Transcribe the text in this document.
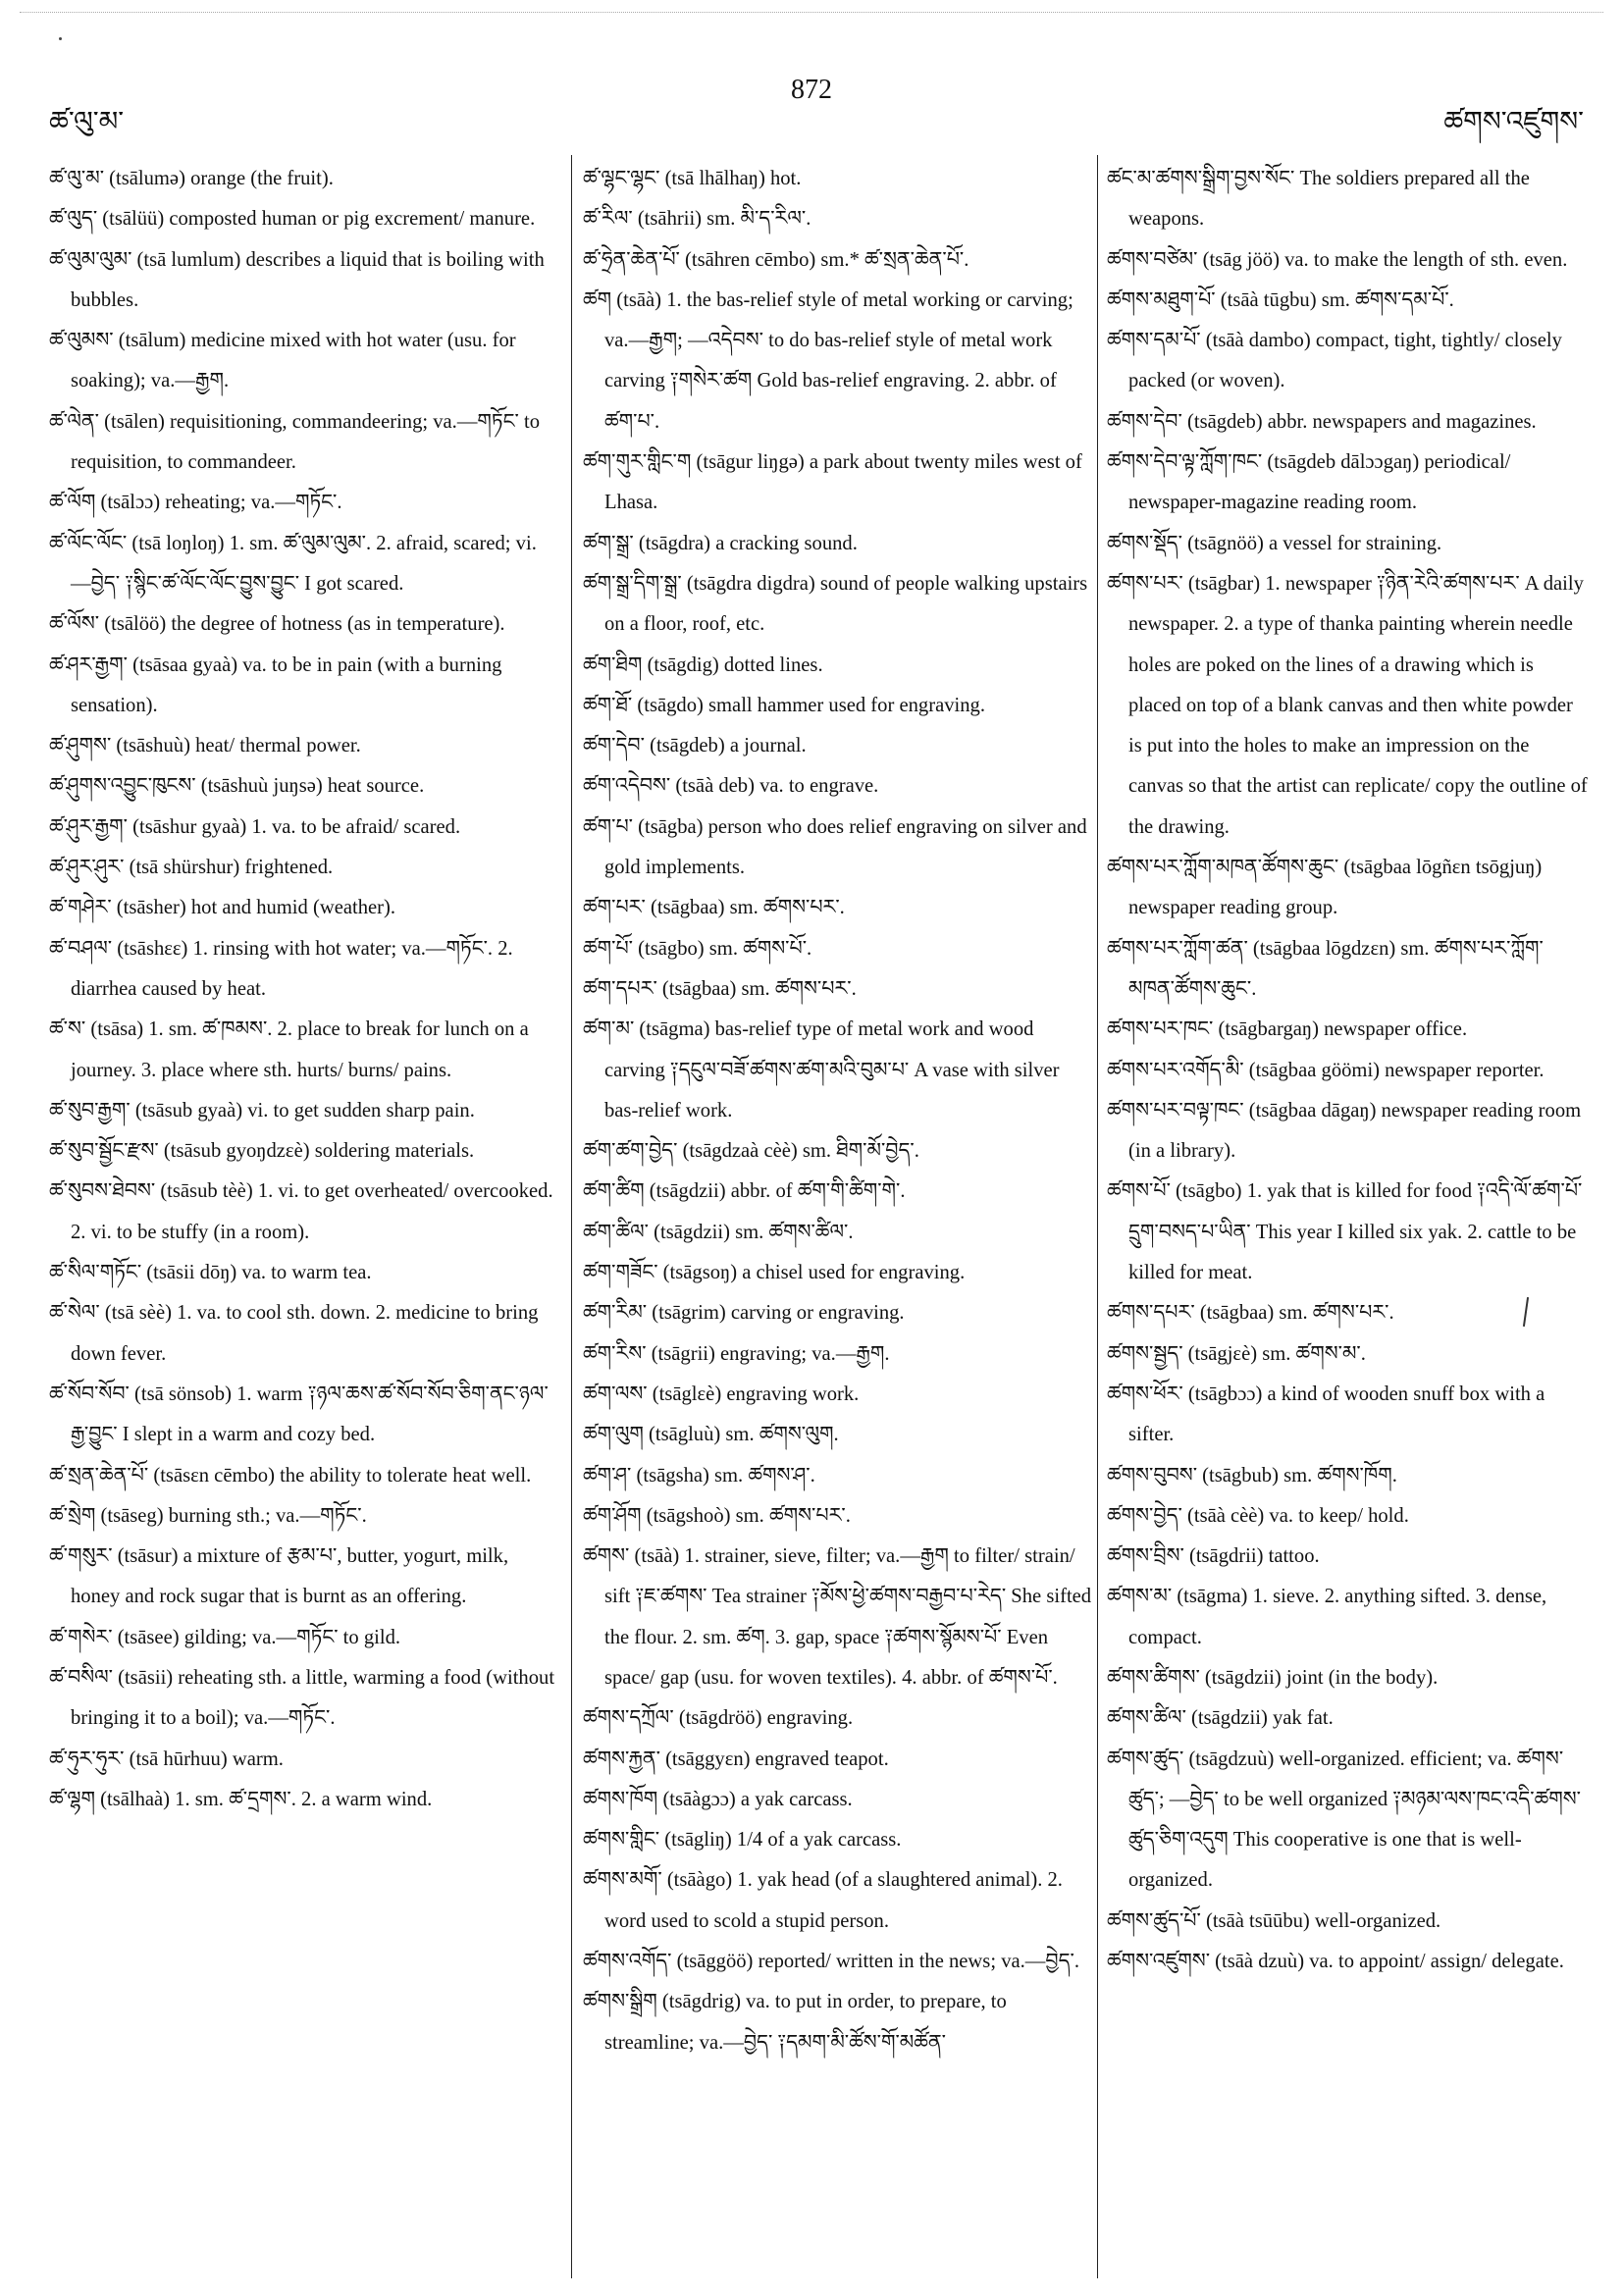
ཚ་ལུ་མ་
872
ཚགས་འཛུགས་

ཚ་ལུ་མ་ (tsālumə) orange (the fruit).

ཚ་ལུད་ (tsālüü) composted human or pig excrement/ manure.

ཚ་ལུམ་ལུམ་ (tsā lumlum) describes a liquid that is boiling with bubbles.

ཚ་ལུམས་ (tsālum) medicine mixed with hot water (usu. for soaking); va.—རྒྱག.

ཚ་ལེན་ (tsālen) requisitioning, commandeering; va.—གཏོང་ to requisition, to commandeer.

ཚ་ལོག (tsālɔɔ) reheating; va.—གཏོང་.

ཚ་ལོང་ལོང་ (tsā loŋloŋ) 1. sm. ཚ་ལུམ་ལུམ་. 2. afraid, scared; vi.—བྱེད་ ༑སྙིང་ཚ་ལོང་ལོང་བྱུས་བྱུང་ I got scared.

ཚ་ལོས་ (tsālöö) the degree of hotness (as in temperature).

ཚ་ཤར་རྒྱག་ (tsāsaa gyaà) va. to be in pain (with a burning sensation).

ཚ་ཤུགས་ (tsāshuù) heat/ thermal power.

ཚ་ཤུགས་འབྱུང་ཁུངས་ (tsāshuù juŋsə) heat source.

ཚ་ཤུར་རྒྱག་ (tsāshur gyaà) 1. va. to be afraid/ scared.

ཚ་ཤུར་ཤུར་ (tsā shürshur) frightened.

ཚ་གཤེར་ (tsāsher) hot and humid (weather).

ཚ་བཤལ་ (tsāshɛɛ) 1. rinsing with hot water; va.—གཏོང་. 2. diarrhea caused by heat.

ཚ་ས་ (tsāsa) 1. sm. ཚ་ཁམས་. 2. place to break for lunch on a journey. 3. place where sth. hurts/ burns/ pains.

ཚ་སུབ་རྒྱག་ (tsāsub gyaà) vi. to get sudden sharp pain.

ཚ་སུབ་སྦྱོང་རྫས་ (tsāsub gyoŋdzɛè) soldering materials.

ཚ་སུབས་ཐེབས་ (tsāsub tèè) 1. vi. to get overheated/ overcooked. 2. vi. to be stuffy (in a room).

ཚ་སིལ་གཏོང་ (tsāsii dōŋ) va. to warm tea.

ཚ་སེལ་ (tsā sèè) 1. va. to cool sth. down. 2. medicine to bring down fever.

ཚ་སོབ་སོབ་ (tsā sönsob) 1. warm ༑ཉལ་ཆས་ཚ་སོབ་སོབ་ཅིག་ནང་ཉལ་རྒྱ་བྱུང་ I slept in a warm and cozy bed.

ཚ་སྲན་ཆེན་པོ་ (tsāsɛn cēmbo) the ability to tolerate heat well.

ཚ་སྲེག (tsāseg) burning sth.; va.—གཏོང་.

ཚ་གསུར་ (tsāsur) a mixture of རྩམ་པ་, butter, yogurt, milk, honey and rock sugar that is burnt as an offering.

ཚ་གསེར་ (tsāsee) gilding; va.—གཏོང་ to gild.

ཚ་བསིལ་ (tsāsii) reheating sth. a little, warming a food (without bringing it to a boil); va.—གཏོང་.

ཚ་ཧུར་ཧུར་ (tsā hūrhuu) warm.

ཚ་ལྷག (tsālhaà) 1. sm. ཚ་དྲགས་. 2. a warm wind.

ཚ་ལྷང་ལྷང་ (tsā lhālhaŋ) hot.

ཚ་རིལ་ (tsāhrii) sm. མི་ད་རིལ་.

ཚ་ཧྲེན་ཆེན་པོ་ (tsāhren cēmbo) sm.* ཚ་སྲན་ཆེན་པོ་.

ཚག (tsāà) 1. the bas-relief style of metal working or carving; va.—རྒྱག; —འདེབས་ to do bas-relief style of metal work carving ༑གསེར་ཚག Gold bas-relief engraving. 2. abbr. of ཚག་པ་.

ཚག་གུར་གླིང་ག (tsāgur liŋgə) a park about twenty miles west of Lhasa.

ཚག་སྒྲ་ (tsāgdra) a cracking sound.

ཚག་སྒྲ་དིག་སྒྲ་ (tsāgdra digdra) sound of people walking upstairs on a floor, roof, etc.

ཚག་ཐིག (tsāgdig) dotted lines.

ཚག་ཐོ་ (tsāgdo) small hammer used for engraving.

ཚག་དེབ་ (tsāgdeb) a journal.

ཚག་འདེབས་ (tsāà deb) va. to engrave.

ཚག་པ་ (tsāgba) person who does relief engraving on silver and gold implements.

ཚག་པར་ (tsāgbaa) sm. ཚགས་པར་.

ཚག་པོ་ (tsāgbo) sm. ཚགས་པོ་.

ཚག་དཔར་ (tsāgbaa) sm. ཚགས་པར་.

ཚག་མ་ (tsāgma) bas-relief type of metal work and wood carving ༑དངུལ་བཟོ་ཚགས་ཚག་མའི་བུམ་པ་ A vase with silver bas-relief work.

ཚག་ཚག་བྱེད་ (tsāgdzaà cèè) sm. ཐིག་མོ་བྱེད་.

ཚག་ཚིག (tsāgdzii) abbr. of ཚག་གི་ཚིག་གེ་.

ཚག་ཚིལ་ (tsāgdzii) sm. ཚགས་ཚིལ་.

ཚག་གཟོང་ (tsāgsoŋ) a chisel used for engraving.

ཚག་རིམ་ (tsāgrim) carving or engraving.

ཚག་རིས་ (tsāgrii) engraving; va.—རྒྱག.

ཚག་ལས་ (tsāglɛè) engraving work.

ཚག་ལུག (tsāgluù) sm. ཚགས་ལུག.

ཚག་ཤ་ (tsāgsha) sm. ཚགས་ཤ་.

ཚག་ཤོག (tsāgshoò) sm. ཚགས་པར་.

ཚགས་ (tsāà) 1. strainer, sieve, filter; va.—རྒྱག to filter/ strain/ sift ༑ཇ་ཚགས་ Tea strainer ༑མོས་ཕྱེ་ཚགས་བརྒྱབ་པ་རེད་ She sifted the flour. 2. sm. ཚག. 3. gap, space ༑ཚགས་སྙོམས་པོ་ Even space/ gap (usu. for woven textiles). 4. abbr. of ཚགས་པོ་.

ཚགས་དཀྲོལ་ (tsāgdröö) engraving.

ཚགས་རྐྱན་ (tsāggyɛn) engraved teapot.

ཚགས་ཁོག (tsāàgɔɔ) a yak carcass.

ཚགས་གླིང་ (tsāgliŋ) 1/4 of a yak carcass.

ཚགས་མགོ་ (tsāàgo) 1. yak head (of a slaughtered animal). 2. word used to scold a stupid person.

ཚགས་འགོད་ (tsāggöö) reported/ written in the news; va.—བྱེད་.

ཚགས་སྒྲིག (tsāgdrig) va. to put in order, to prepare, to streamline; va.—བྱེད་ ༑དམག་མི་ཚོས་གོ་མཚོན་

ཚང་མ་ཚགས་སྒྲིག་བྱས་སོང་ The soldiers prepared all the weapons.

ཚགས་བཙེམ་ (tsāg jöö) va. to make the length of sth. even.

ཚགས་མཐུག་པོ་ (tsāà tūgbu) sm. ཚགས་དམ་པོ་.

ཚགས་དམ་པོ་ (tsāà dambo) compact, tight, tightly/ closely packed (or woven).

ཚགས་དེབ་ (tsāgdeb) abbr. newspapers and magazines.

ཚགས་དེབ་ལྟ་ཀློག་ཁང་ (tsāgdeb dālɔɔgaŋ) periodical/ newspaper-magazine reading room.

ཚགས་སྡོད་ (tsāgnöö) a vessel for straining.

ཚགས་པར་ (tsāgbar) 1. newspaper ༑ཉིན་རེའི་ཚགས་པར་ A daily newspaper. 2. a type of thanka painting wherein needle holes are poked on the lines of a drawing which is placed on top of a blank canvas and then white powder is put into the holes to make an impression on the canvas so that the artist can replicate/ copy the outline of the drawing.

ཚགས་པར་ཀློག་མཁན་ཚོགས་ཆུང་ (tsāgbaa lōgñɛn tsōgjuŋ) newspaper reading group.

ཚགས་པར་ཀློག་ཚན་ (tsāgbaa lōgdzɛn) sm. ཚགས་པར་ཀློག་མཁན་ཚོགས་ཆུང་.

ཚགས་པར་ཁང་ (tsāgbargaŋ) newspaper office.

ཚགས་པར་འགོད་མི་ (tsāgbaa göömi) newspaper reporter.

ཚགས་པར་བལྟ་ཁང་ (tsāgbaa dāgaŋ) newspaper reading room (in a library).

ཚགས་པོ་ (tsāgbo) 1. yak that is killed for food ༑འདི་ལོ་ཚག་པོ་དྲུག་བསད་པ་ཡིན་ This year I killed six yak. 2. cattle to be killed for meat.

ཚགས་དཔར་ (tsāgbaa) sm. ཚགས་པར་.

ཚགས་སྦྱད་ (tsāgjɛè) sm. ཚགས་མ་.

ཚགས་ཕོར་ (tsāgbɔɔ) a kind of wooden snuff box with a sifter.

ཚགས་བུབས་ (tsāgbub) sm. ཚགས་ཁོག.

ཚགས་བྱེད་ (tsāà cèè) va. to keep/ hold.

ཚགས་བྲིས་ (tsāgdrii) tattoo.

ཚགས་མ་ (tsāgma) 1. sieve. 2. anything sifted. 3. dense, compact.

ཚགས་ཚིགས་ (tsāgdzii) joint (in the body).

ཚགས་ཚིལ་ (tsāgdzii) yak fat.

ཚགས་ཚུད་ (tsāgdzuù) well-organized. efficient; va. ཚགས་ཚུད་; —བྱེད་ to be well organized ༑མཉམ་ལས་ཁང་འདི་ཚགས་ཚུད་ཅིག་འདུག This cooperative is one that is well-organized.

ཚགས་ཚུད་པོ་ (tsāà tsūūbu) well-organized.

ཚགས་འཛུགས་ (tsāà dzuù) va. to appoint/ assign/ delegate.
